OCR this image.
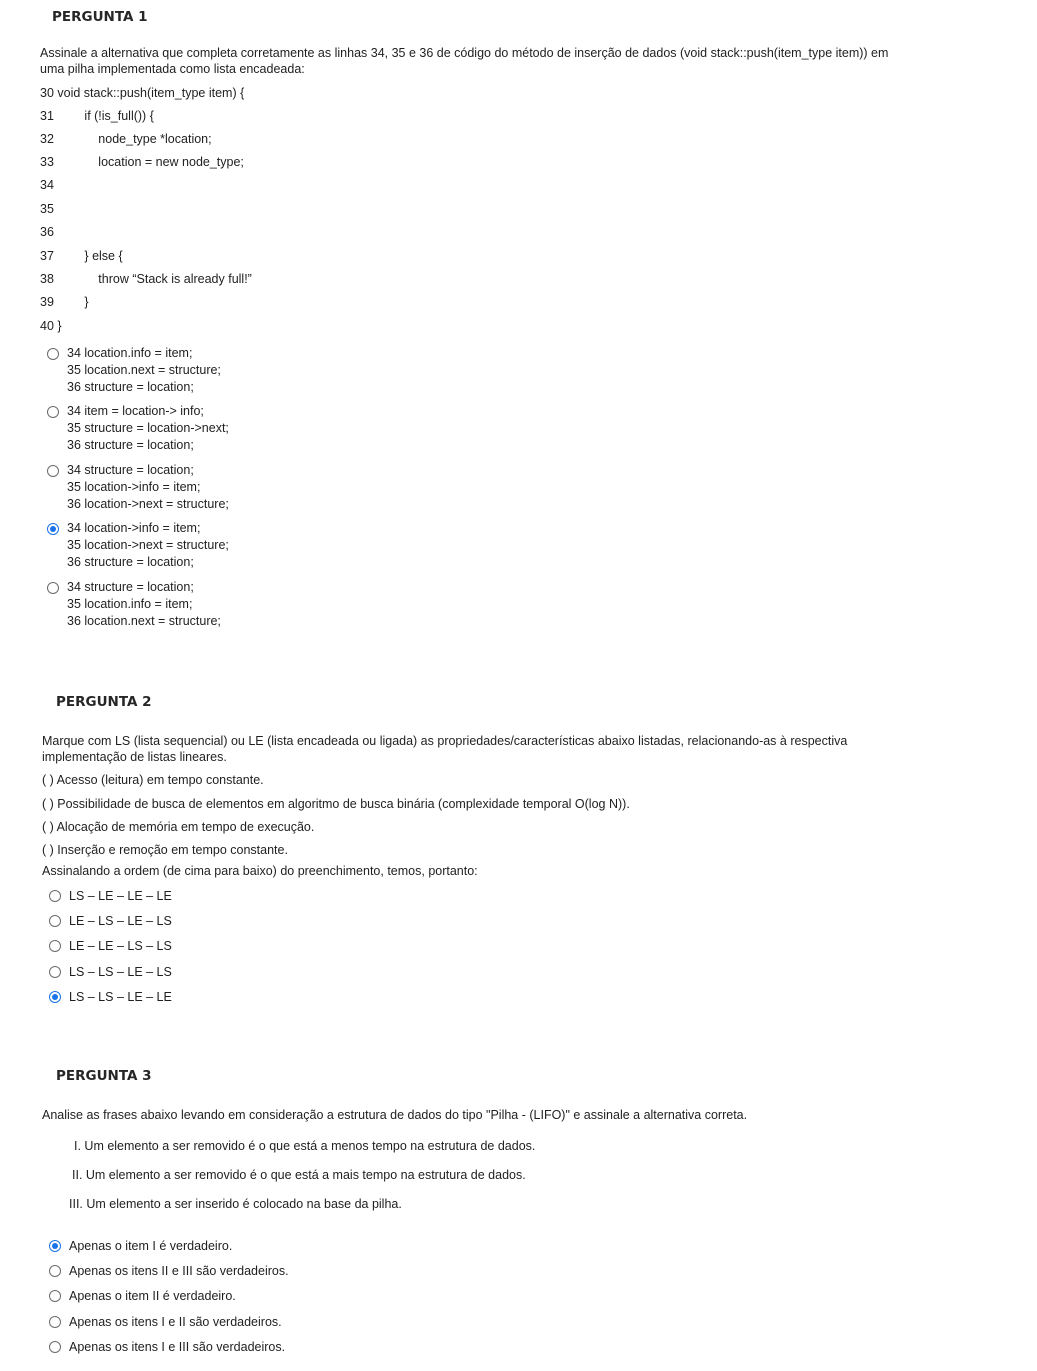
PERGUNTA 1
Assinale a alternativa que completa corretamente as linhas 34, 35 e 36 de código do método de inserção de dados (void stack::push(item_type item)) em
uma pilha implementada como lista encadeada:
30 void stack::push(item_type item) {
31   if (!is_full()) {
32       node_type *location;
33       location = new node_type;
34
35
36
37   } else {
38       throw “Stack is already full!”
39   }
40 }
34 location.info = item;
35 location.next = structure;
36 structure = location;
34 item = location-> info;
35 structure = location->next;
36 structure = location;
34 structure = location;
35 location->info = item;
36 location->next = structure;
34 location->info = item;
35 location->next = structure;
36 structure = location;
34 structure = location;
35 location.info = item;
36 location.next = structure;
PERGUNTA 2
Marque com LS (lista sequencial) ou LE (lista encadeada ou ligada) as propriedades/características abaixo listadas, relacionando-as à respectiva
implementação de listas lineares.
( ) Acesso (leitura) em tempo constante.
( ) Possibilidade de busca de elementos em algoritmo de busca binária (complexidade temporal O(log N)).
( ) Alocação de memória em tempo de execução.
( ) Inserção e remoção em tempo constante.
Assinalando a ordem (de cima para baixo) do preenchimento, temos, portanto:
LS – LE – LE – LE
LE – LS – LE – LS
LE – LE – LS – LS
LS – LS – LE – LS
LS – LS – LE – LE
PERGUNTA 3
Analise as frases abaixo levando em consideração a estrutura de dados do tipo "Pilha - (LIFO)" e assinale a alternativa correta.
I. Um elemento a ser removido é o que está a menos tempo na estrutura de dados.
II. Um elemento a ser removido é o que está a mais tempo na estrutura de dados.
III. Um elemento a ser inserido é colocado na base da pilha.
Apenas o item I é verdadeiro.
Apenas os itens II e III são verdadeiros.
Apenas o item II é verdadeiro.
Apenas os itens I e II são verdadeiros.
Apenas os itens I e III são verdadeiros.
